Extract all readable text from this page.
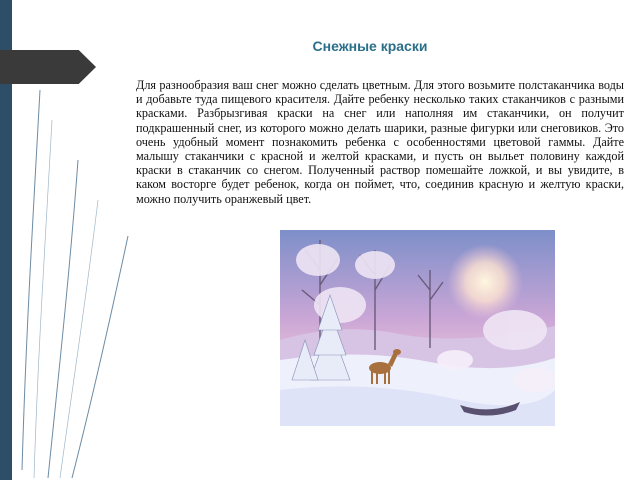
Снежные краски

Для разнообразия ваш снег можно сделать цветным. Для этого возьмите полстаканчика воды и добавьте туда пищевого красителя. Дайте ребенку несколько таких стаканчиков с разными красками. Разбрызгивая краски на снег или наполняя им стаканчики, он получит подкрашенный снег, из которого можно делать шарики, разные фигурки или снеговиков. Это очень удобный момент познакомить ребенка с особенностями цветовой гаммы. Дайте малышу стаканчики с красной и желтой красками, и пусть он выльет половину каждой краски в стаканчик со снегом. Полученный раствор помешайте ложкой, и вы увидите, в каком восторге будет ребенок, когда он поймет, что, соединив красную и желтую краски, можно получить оранжевый цвет.
